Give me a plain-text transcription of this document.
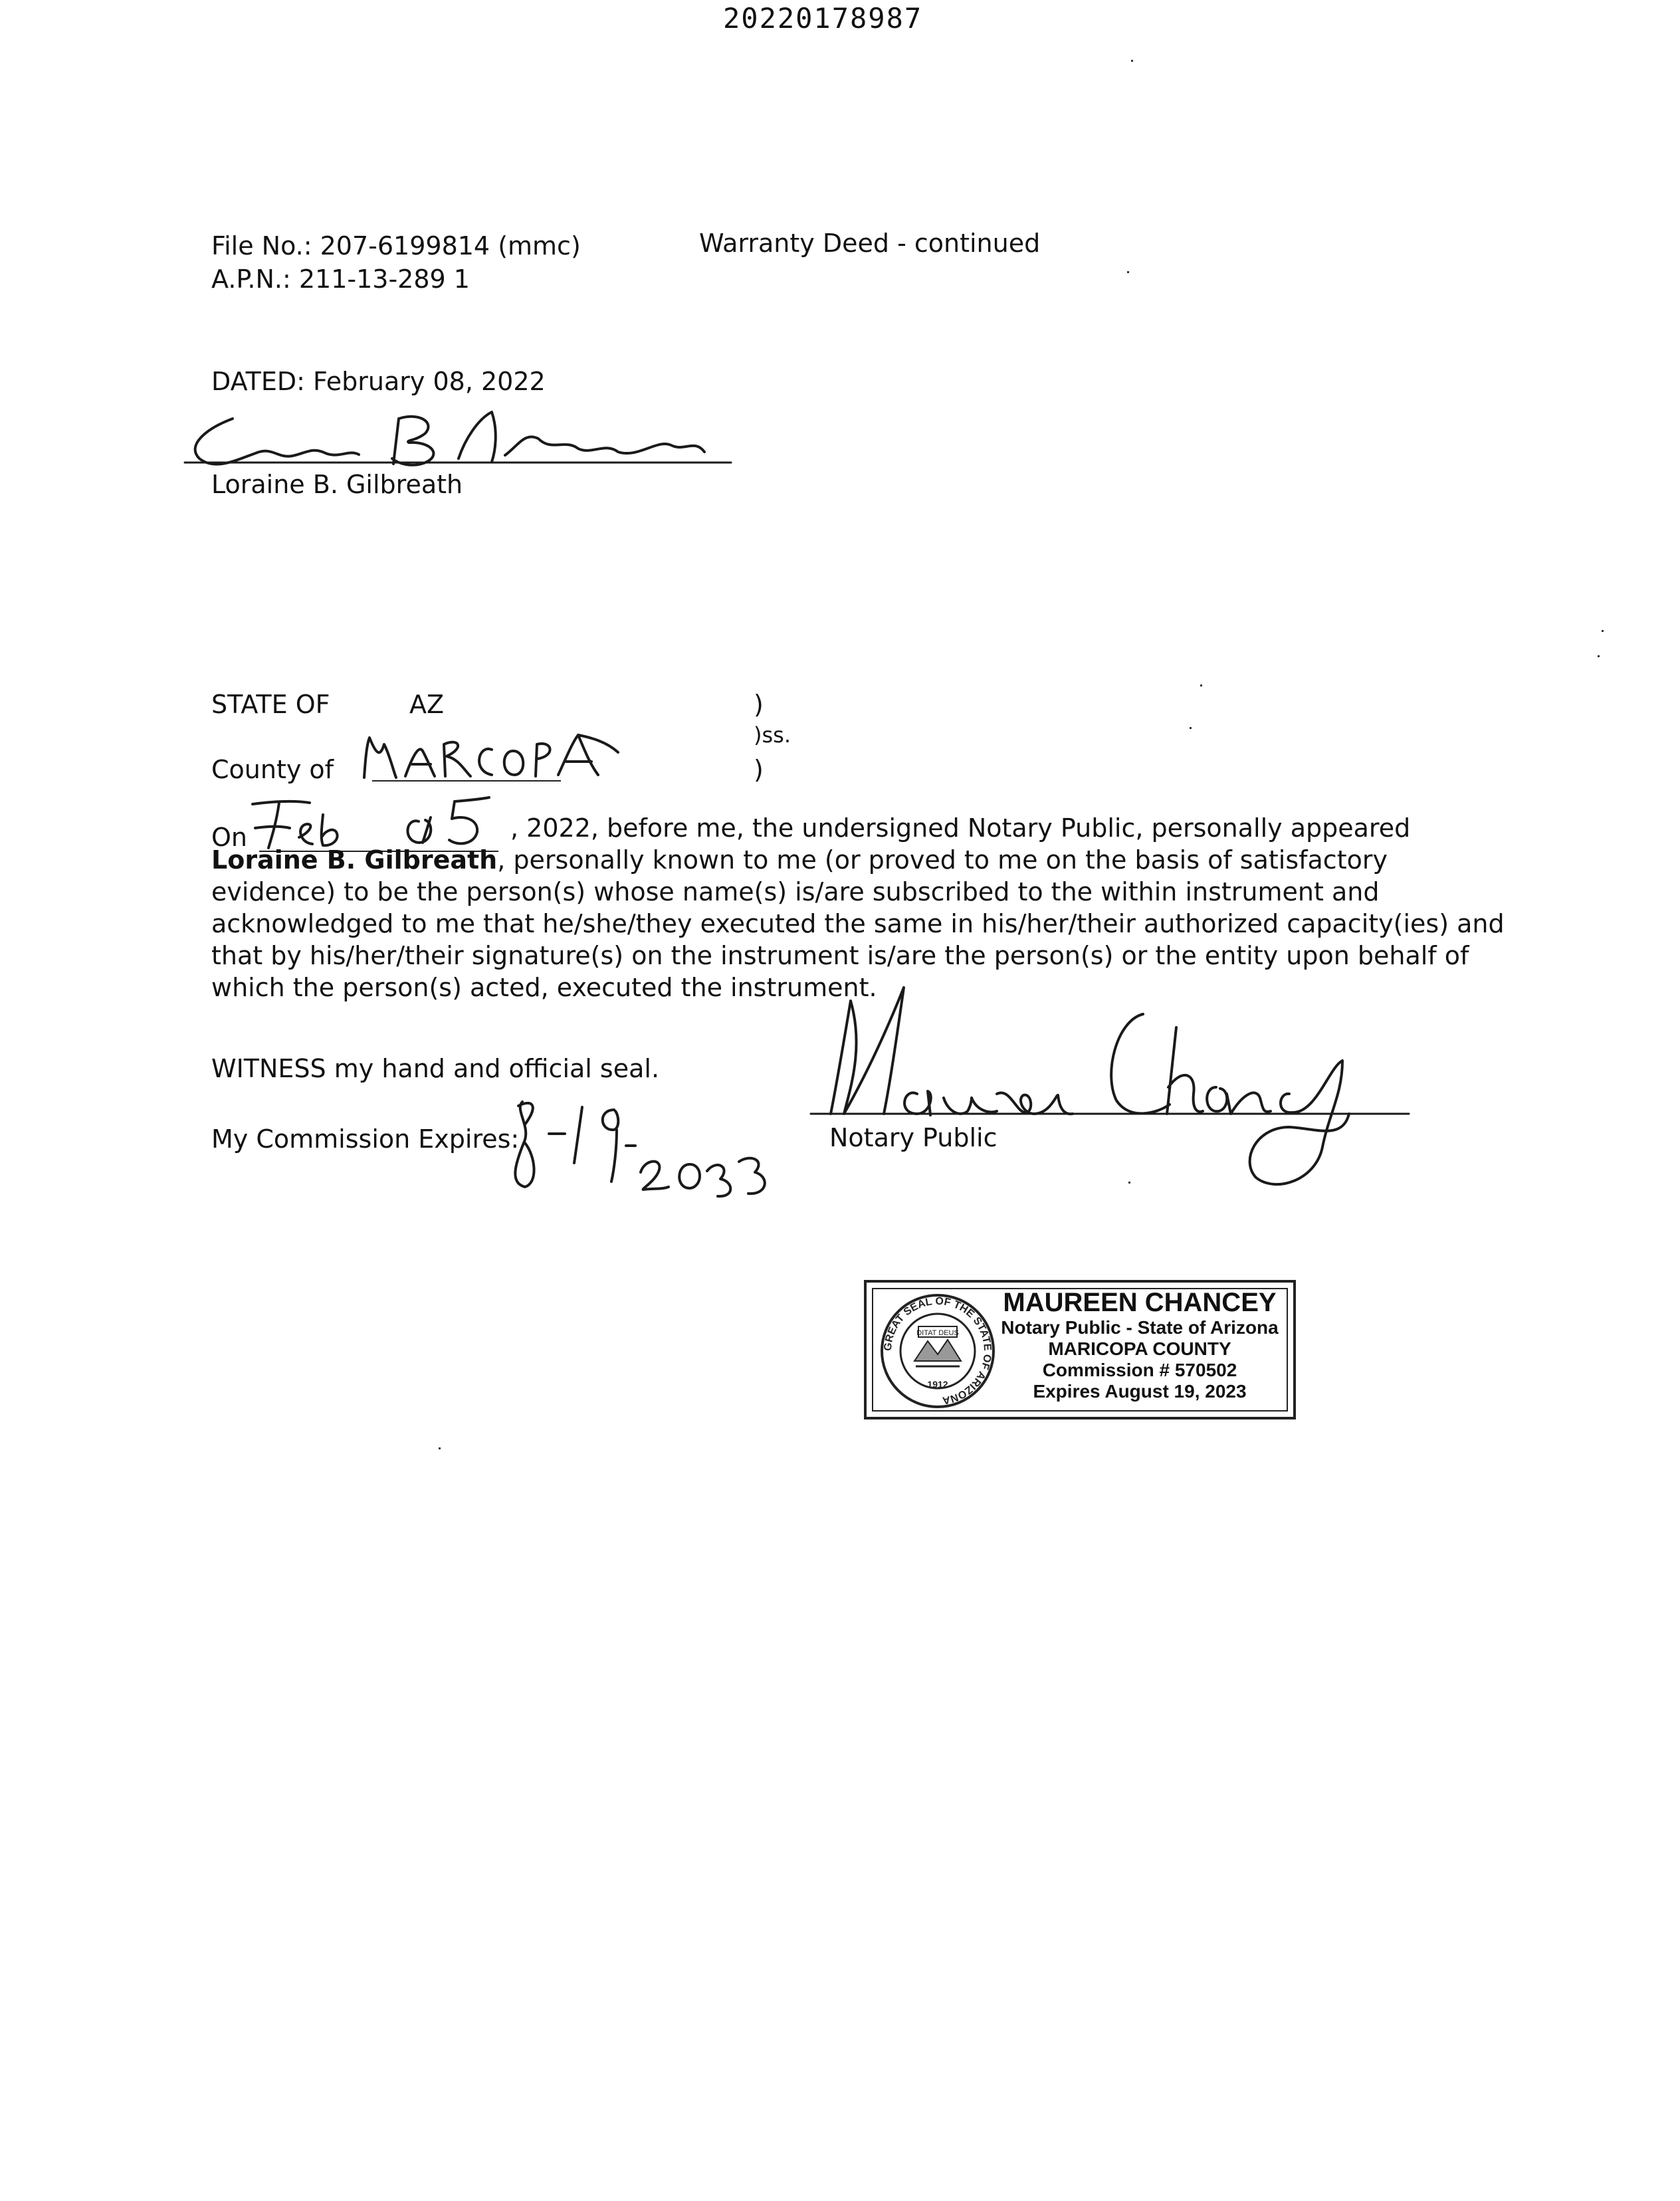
20220178987
File No.: 207-6199814 (mmc)
A.P.N.: 211-13-289 1
Warranty Deed - continued
DATED: February 08, 2022
Loraine B. Gilbreath
STATE OF	AZ	)
)ss.
)
County of
On	, 2022, before me, the undersigned Notary Public, personally appeared Loraine B. Gilbreath, personally known to me (or proved to me on the basis of satisfactory evidence) to be the person(s) whose name(s) is/are subscribed to the within instrument and acknowledged to me that he/she/they executed the same in his/her/their authorized capacity(ies) and that by his/her/their signature(s) on the instrument is/are the person(s) or the entity upon behalf of which the person(s) acted, executed the instrument.
WITNESS my hand and official seal.
My Commission Expires:	Notary Public
GREAT SEAL OF THE STATE OF ARIZONA
DITAT DEUS
1912
MAUREEN CHANCEY
Notary Public - State of Arizona
MARICOPA COUNTY
Commission # 570502
Expires August 19, 2023
